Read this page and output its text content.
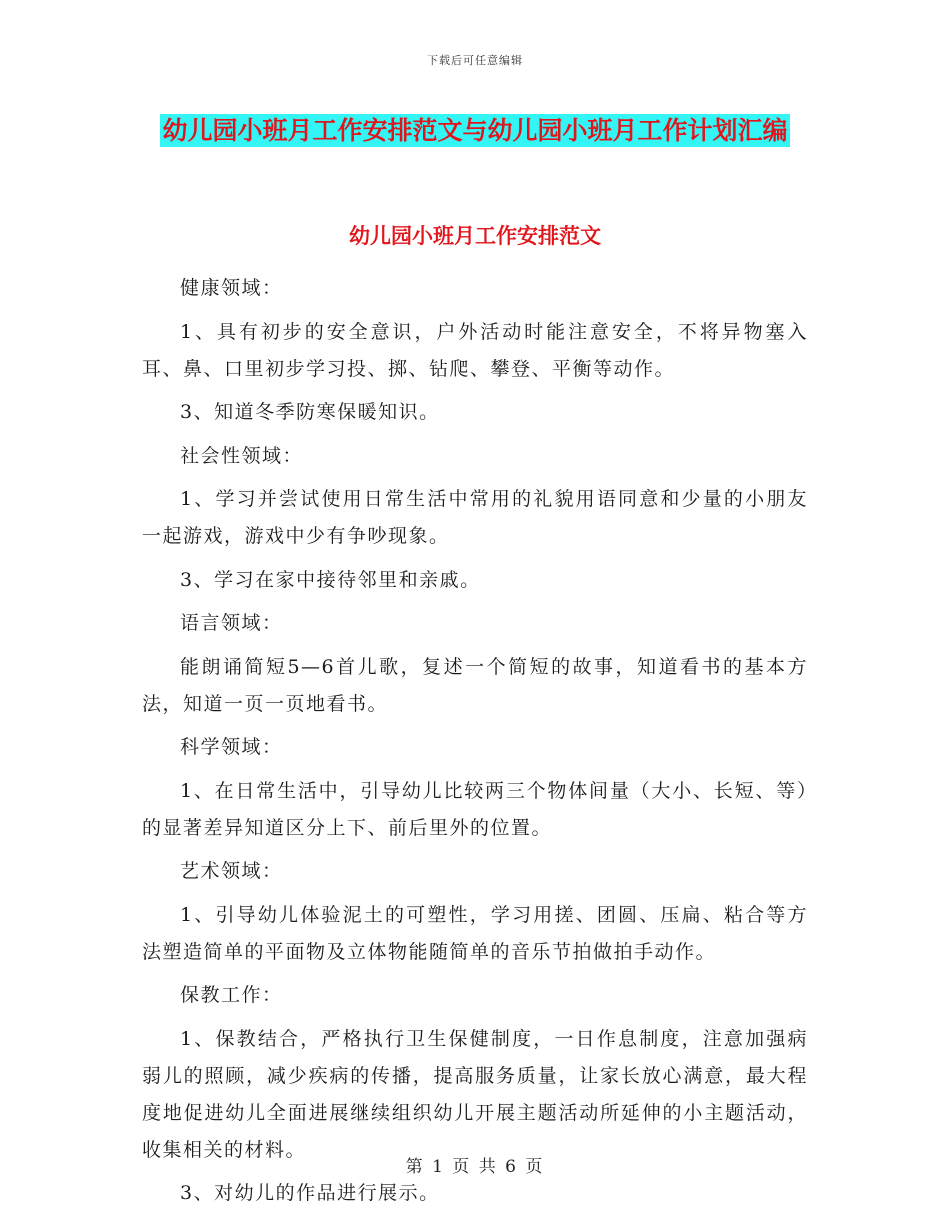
下载后可任意编辑
幼儿园小班月工作安排范文与幼儿园小班月工作计划汇编
幼儿园小班月工作安排范文

健康领域：

1、具有初步的安全意识，户外活动时能注意安全，不将异物塞入耳、鼻、口里初步学习投、掷、钻爬、攀登、平衡等动作。

3、知道冬季防寒保暖知识。

社会性领域：

1、学习并尝试使用日常生活中常用的礼貌用语同意和少量的小朋友一起游戏，游戏中少有争吵现象。

3、学习在家中接待邻里和亲戚。

语言领域：

能朗诵简短5—6首儿歌，复述一个简短的故事，知道看书的基本方法，知道一页一页地看书。

科学领域：

1、在日常生活中，引导幼儿比较两三个物体间量（大小、长短、等）的显著差异知道区分上下、前后里外的位置。

艺术领域：

1、引导幼儿体验泥土的可塑性，学习用搓、团圆、压扁、粘合等方法塑造简单的平面物及立体物能随简单的音乐节拍做拍手动作。

保教工作：

1、保教结合，严格执行卫生保健制度，一日作息制度，注意加强病弱儿的照顾，减少疾病的传播，提高服务质量，让家长放心满意，最大程度地促进幼儿全面进展继续组织幼儿开展主题活动所延伸的小主题活动，收集相关的材料。

3、对幼儿的作品进行展示。

第 1 页 共 6 页
